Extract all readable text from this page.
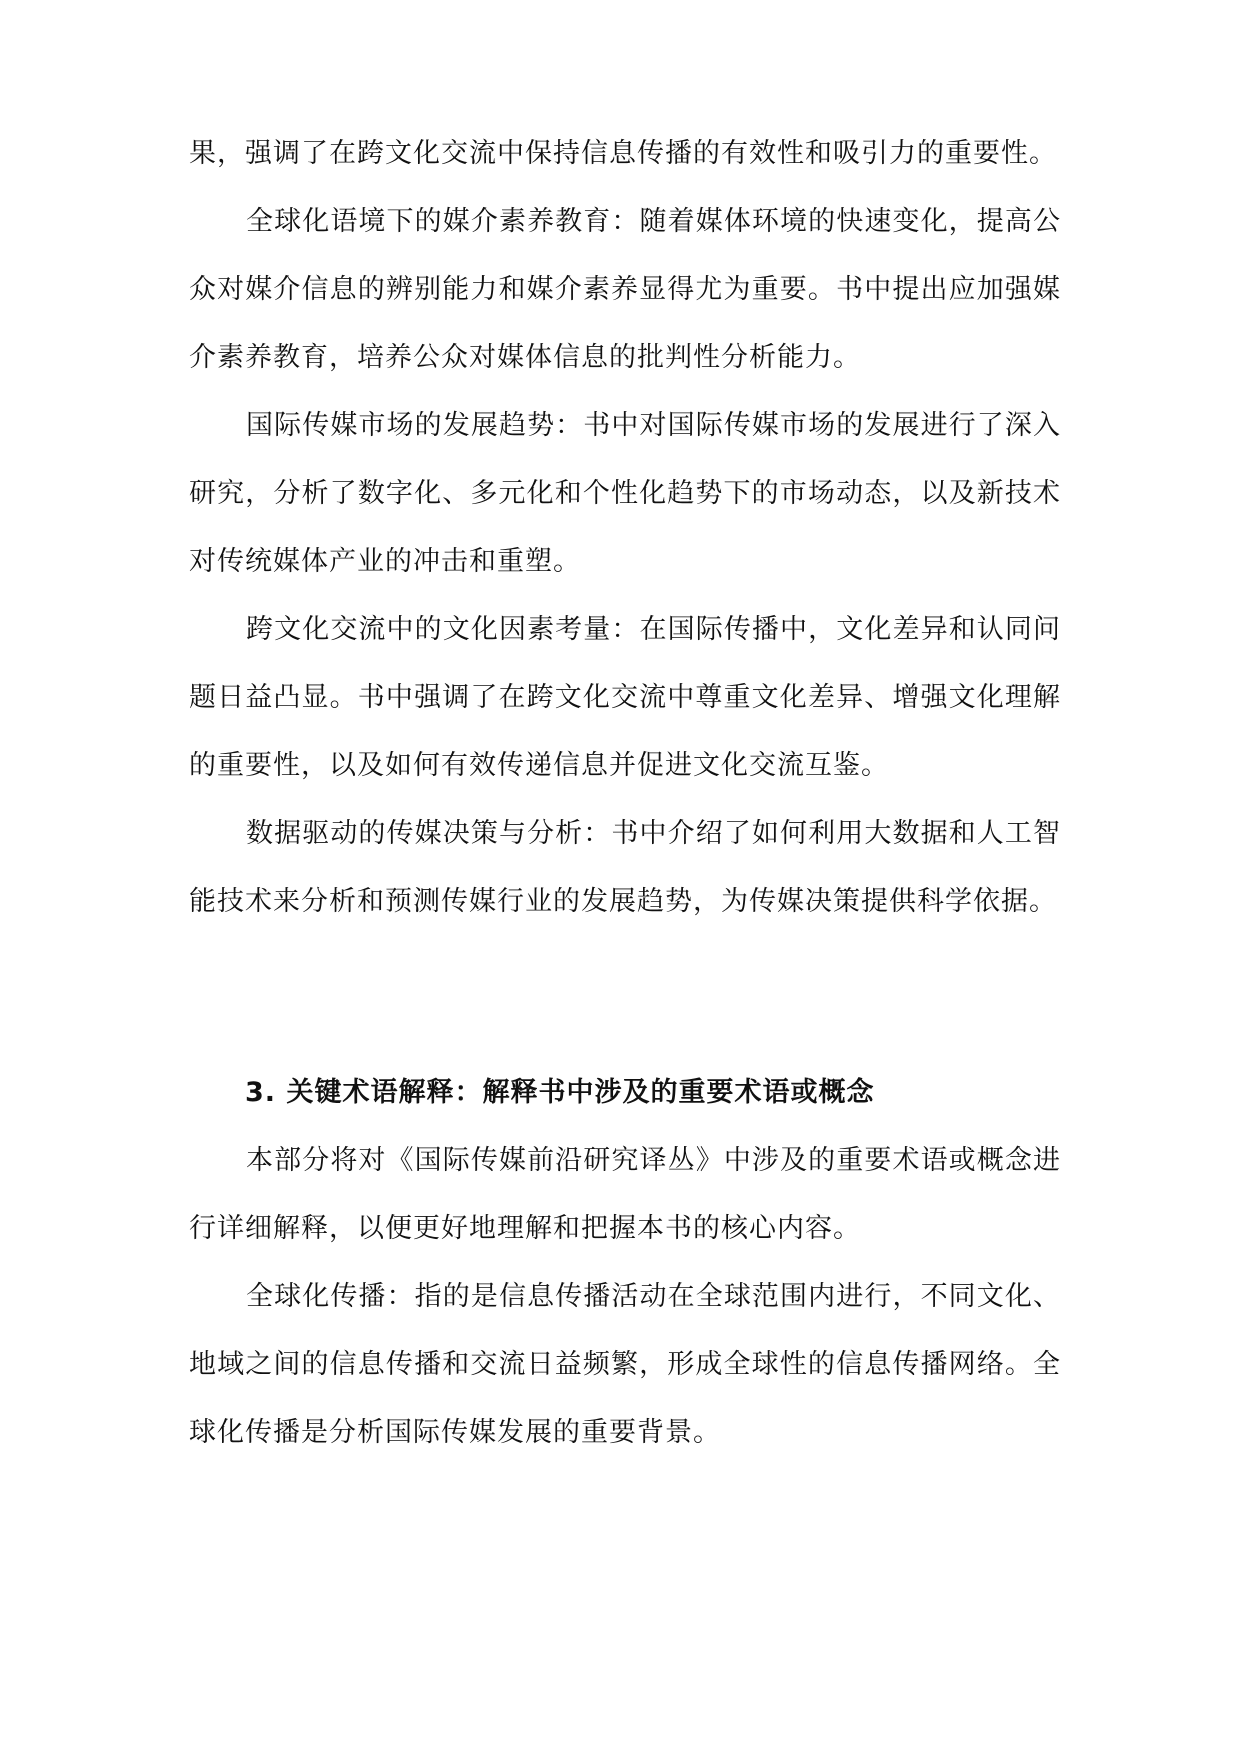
果，强调了在跨文化交流中保持信息传播的有效性和吸引力的重要性。

全球化语境下的媒介素养教育：随着媒体环境的快速变化，提高公众对媒介信息的辨别能力和媒介素养显得尤为重要。书中提出应加强媒介素养教育，培养公众对媒体信息的批判性分析能力。

国际传媒市场的发展趋势：书中对国际传媒市场的发展进行了深入研究，分析了数字化、多元化和个性化趋势下的市场动态，以及新技术对传统媒体产业的冲击和重塑。

跨文化交流中的文化因素考量：在国际传播中，文化差异和认同问题日益凸显。书中强调了在跨文化交流中尊重文化差异、增强文化理解的重要性，以及如何有效传递信息并促进文化交流互鉴。

数据驱动的传媒决策与分析：书中介绍了如何利用大数据和人工智能技术来分析和预测传媒行业的发展趋势，为传媒决策提供科学依据。

3. 关键术语解释：解释书中涉及的重要术语或概念

本部分将对《国际传媒前沿研究译丛》中涉及的重要术语或概念进行详细解释，以便更好地理解和把握本书的核心内容。

全球化传播：指的是信息传播活动在全球范围内进行，不同文化、地域之间的信息传播和交流日益频繁，形成全球性的信息传播网络。全球化传播是分析国际传媒发展的重要背景。
